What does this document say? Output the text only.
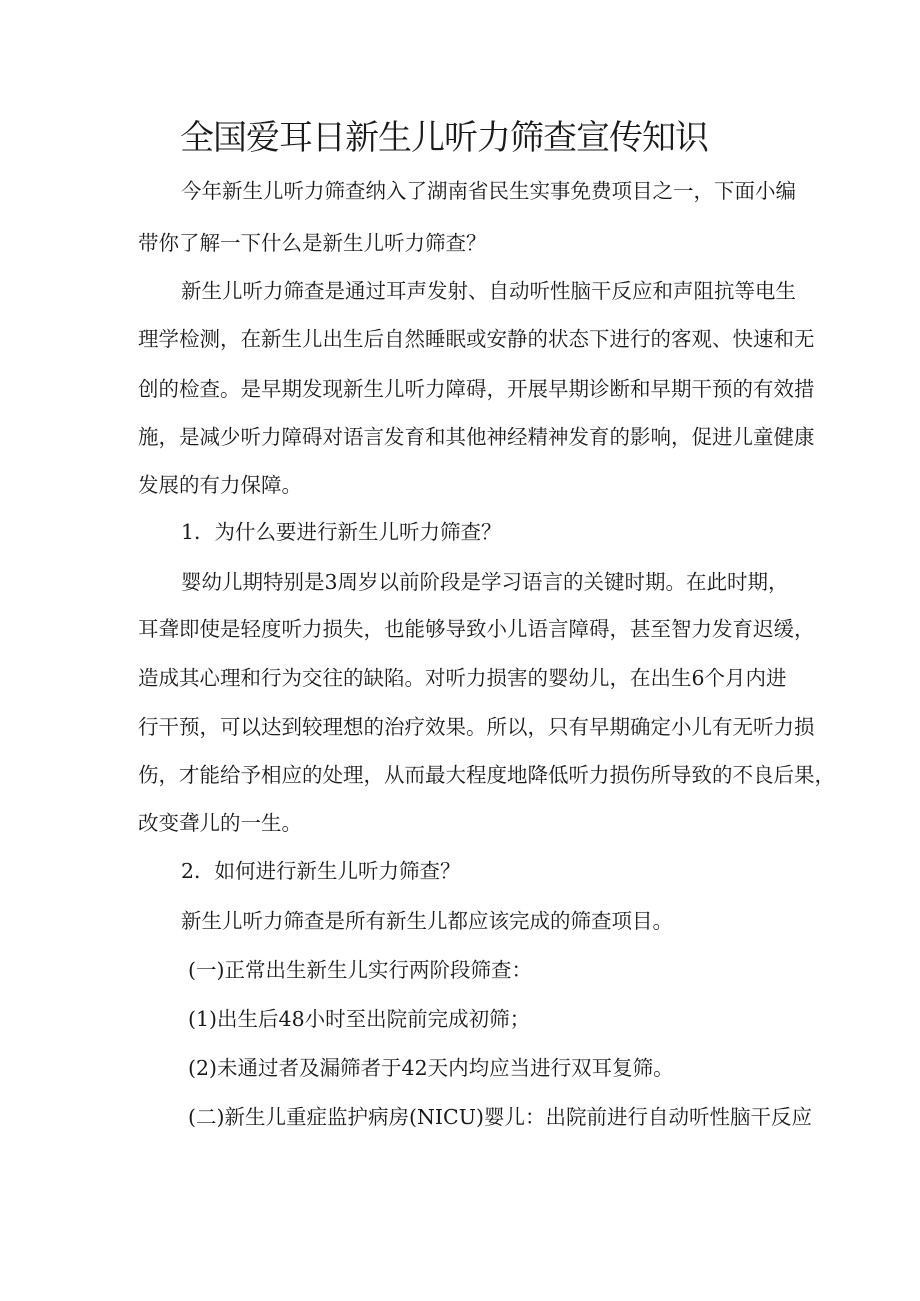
全国爱耳日新生儿听力筛查宣传知识

今年新生儿听力筛查纳入了湖南省民生实事免费项目之一，下面小编

带你了解一下什么是新生儿听力筛查？

新生儿听力筛查是通过耳声发射、自动听性脑干反应和声阻抗等电生

理学检测，在新生儿出生后自然睡眠或安静的状态下进行的客观、快速和无

创的检查。是早期发现新生儿听力障碍，开展早期诊断和早期干预的有效措

施，是减少听力障碍对语言发育和其他神经精神发育的影响，促进儿童健康

发展的有力保障。

1．为什么要进行新生儿听力筛查？

婴幼儿期特别是3周岁以前阶段是学习语言的关键时期。在此时期，

耳聋即使是轻度听力损失，也能够导致小儿语言障碍，甚至智力发育迟缓，

造成其心理和行为交往的缺陷。对听力损害的婴幼儿，在出生6个月内进

行干预，可以达到较理想的治疗效果。所以，只有早期确定小儿有无听力损

伤，才能给予相应的处理，从而最大程度地降低听力损伤所导致的不良后果，

改变聋儿的一生。

2．如何进行新生儿听力筛查？

新生儿听力筛查是所有新生儿都应该完成的筛查项目。

(一)正常出生新生儿实行两阶段筛查：

(1)出生后48小时至出院前完成初筛；

(2)未通过者及漏筛者于42天内均应当进行双耳复筛。

(二)新生儿重症监护病房(NICU)婴儿：出院前进行自动听性脑干反应
